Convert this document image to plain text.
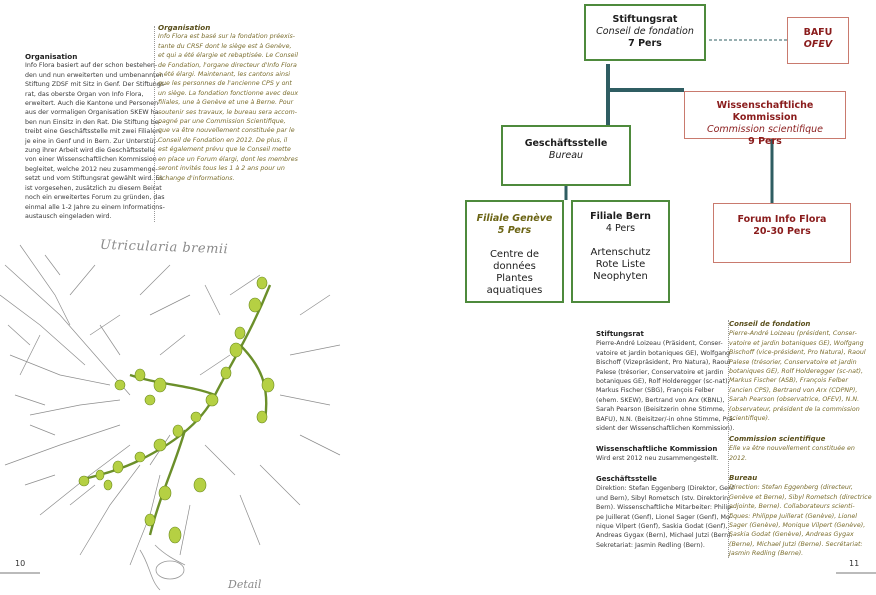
Organisation
Info Flora basiert auf der schon bestehen-
den und nun erweiterten und umbenannten
Stiftung ZDSF mit Sitz in Genf. Der Stiftungs-
rat, das oberste Organ von Info Flora,
erweitert. Auch die Kantone und Personen
aus der vormaligen Organisation SKEW ha-
ben nun Einsitz in den Rat. Die Stiftung be-
treibt eine Geschäftsstelle mit zwei Filialen,
je eine in Genf und in Bern. Zur Unterstüt-
zung ihrer Arbeit wird die Geschäftsstelle
von einer Wissenschaftlichen Kommission
begleitet, welche 2012 neu zusammenge-
setzt und vom Stiftungsrat gewählt wird. Es
ist vorgesehen, zusätzlich zu diesem Beirat
noch ein erweitertes Forum zu gründen, das
einmal alle 1-2 Jahre zu einem Informations-
austausch eingeladen wird.
Organisation
Info Flora est basé sur la fondation préexis-
tante du CRSF dont le siège est à Genève,
et qui a été élargie et rebaptisée. Le Conseil
de Fondation, l'organe directeur d'Info Flora
a été élargi. Maintenant, les cantons ainsi
que les personnes de l'ancienne CPS y ont
un siège. La fondation fonctionne avec deux
filiales, une à Genève et une à Berne. Pour
soutenir ses travaux, le bureau sera accom-
pagné par une Commission Scientifique,
que va être nouvellement constituée par le
Conseil de Fondation en 2012. De plus, il
est également prévu que le Conseil mette
en place un Forum élargi, dont les membres
seront invités tous les 1 à 2 ans pour un
échange d'informations.
Utricularia bremii
Detail
10
Stiftungsrat
Conseil de fondation
7 Pers
BAFU
OFEV
Wissenschaftliche Kommission
Commission scientifique
9 Pers
Geschäftsstelle
Bureau
Filiale Genève
5 Pers
Centre de
données
Plantes aquatiques
Filiale Bern
4 Pers
Artenschutz
Rote Liste
Neophyten
Forum Info Flora
20-30 Pers
Stiftungsrat
Pierre-André Loizeau (Präsident, Conser-
vatoire et jardin botaniques GE), Wolfgang
Bischoff (Vizepräsident, Pro Natura), Raoul
Palese (trésorier, Conservatoire et jardin
botaniques GE), Rolf Holderegger (sc-nat),
Markus Fischer (SBG), François Felber
(ehem. SKEW), Bertrand von Arx (KBNL),
Sarah Pearson (Beisitzerin ohne Stimme,
BAFU), N.N. (Beisitzer/-in ohne Stimme, Prä-
sident der Wissenschaftlichen Kommission).
Wissenschaftliche Kommission
Wird erst 2012 neu zusammengestellt.
Geschäftsstelle
Direktion: Stefan Eggenberg (Direktor, Genf
und Bern), Sibyl Rometsch (stv. Direktorin,
Bern). Wissenschaftliche Mitarbeiter: Philip-
pe Juillerat (Genf), Lionel Sager (Genf), Mo-
nique Vilpert (Genf), Saskia Godat (Genf),
Andreas Gygax (Bern), Michael Jutzi (Bern).
Sekretariat: Jasmin Redling (Bern).
Conseil de fondation
Pierre-André Loizeau (président, Conser-
vatoire et jardin botaniques GE), Wolfgang
Bischoff (vice-président, Pro Natura), Raoul
Palese (trésorier, Conservatoire et jardin
botaniques GE), Rolf Holderegger (sc-nat),
Markus Fischer (ASB), François Felber
(ancien CPS), Bertrand von Arx (CDPNP),
Sarah Pearson (observatrice, OFEV), N.N.
(observateur, président de la commission
scientifique).
Commission scientifique
Elle va être nouvellement constituée en
2012.
Bureau
Direction: Stefan Eggenberg (directeur,
Genève et Berne), Sibyl Rometsch (directrice
adjointe, Berne). Collaborateurs scienti-
fiques: Philippe Juillerat (Genève), Lionel
Sager (Genève), Monique Vilpert (Genève),
Saskia Godat (Genève), Andreas Gygax
(Berne), Michael Jutzi (Berne). Secrétariat:
Jasmin Redling (Berne).
11
